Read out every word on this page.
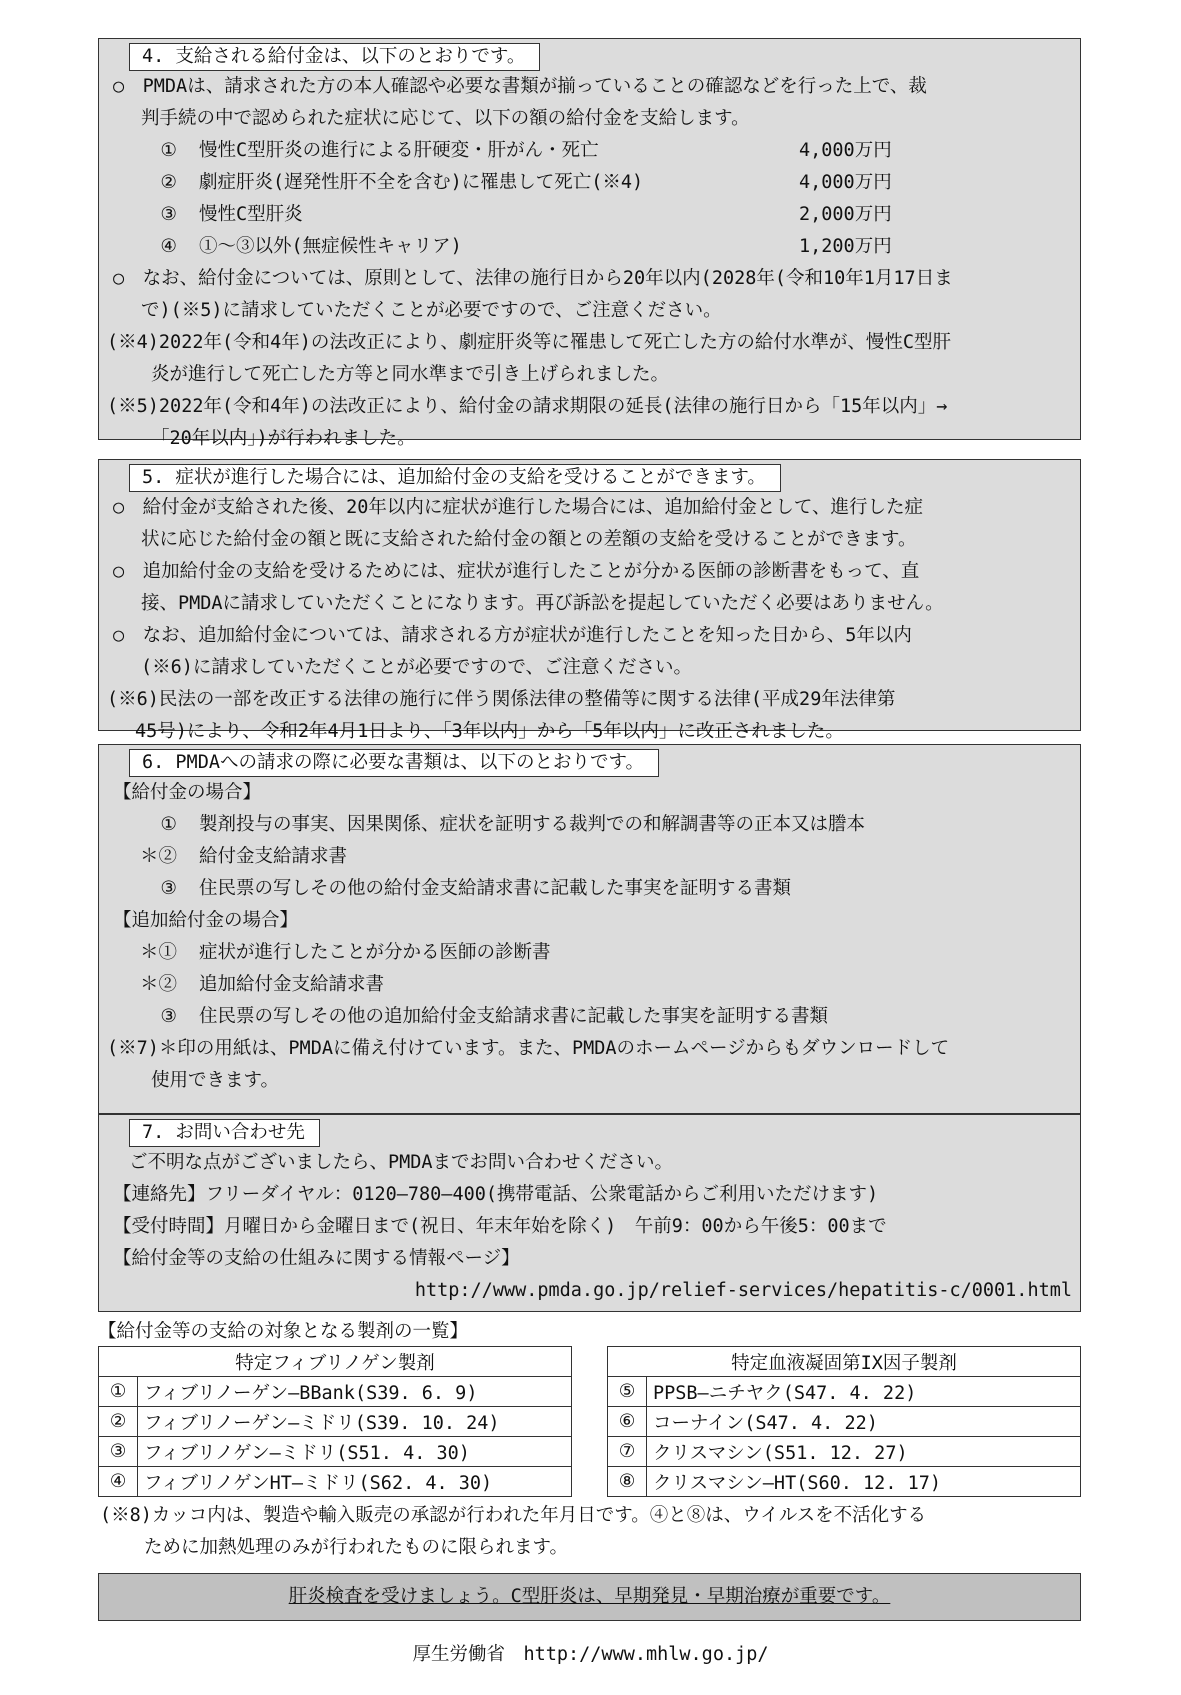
4. 支給される給付金は、以下のとおりです。
○　PMDAは、請求された方の本人確認や必要な書類が揃っていることの確認などを行った上で、裁
判手続の中で認められた症状に応じて、以下の額の給付金を支給します。
① 慢性C型肝炎の進行による肝硬変・肝がん・死亡	4,000万円
② 劇症肝炎(遅発性肝不全を含む)に罹患して死亡(※4)	4,000万円
③ 慢性C型肝炎	2,000万円
④ ①～③以外(無症候性キャリア)	1,200万円
○　なお、給付金については、原則として、法律の施行日から20年以内(2028年(令和10年1月17日ま
で)(※5)に請求していただくことが必要ですので、ご注意ください。
(※4)2022年(令和4年)の法改正により、劇症肝炎等に罹患して死亡した方の給付水準が、慢性C型肝
炎が進行して死亡した方等と同水準まで引き上げられました。
(※5)2022年(令和4年)の法改正により、給付金の請求期限の延長(法律の施行日から「15年以内」→
「20年以内」)が行われました。
5. 症状が進行した場合には、追加給付金の支給を受けることができます。
○　給付金が支給された後、20年以内に症状が進行した場合には、追加給付金として、進行した症
状に応じた給付金の額と既に支給された給付金の額との差額の支給を受けることができます。
○　追加給付金の支給を受けるためには、症状が進行したことが分かる医師の診断書をもって、直
接、PMDAに請求していただくことになります。再び訴訟を提起していただく必要はありません。
○　なお、追加給付金については、請求される方が症状が進行したことを知った日から、5年以内
(※6)に請求していただくことが必要ですので、ご注意ください。
(※6)民法の一部を改正する法律の施行に伴う関係法律の整備等に関する法律(平成29年法律第
45号)により、令和2年4月1日より、「3年以内」から「5年以内」に改正されました。
6. PMDAへの請求の際に必要な書類は、以下のとおりです。
【給付金の場合】
① 製剤投与の事実、因果関係、症状を証明する裁判での和解調書等の正本又は謄本
＊② 給付金支給請求書
③ 住民票の写しその他の給付金支給請求書に記載した事実を証明する書類
【追加給付金の場合】
＊① 症状が進行したことが分かる医師の診断書
＊② 追加給付金支給請求書
③ 住民票の写しその他の追加給付金支給請求書に記載した事実を証明する書類
(※7)＊印の用紙は、PMDAに備え付けています。また、PMDAのホームページからもダウンロードして
使用できます。
7. お問い合わせ先
ご不明な点がございましたら、PMDAまでお問い合わせください。
【連絡先】フリーダイヤル：0120―780―400(携帯電話、公衆電話からご利用いただけます)
【受付時間】月曜日から金曜日まで(祝日、年末年始を除く)　午前9：00から午後5：00まで
【給付金等の支給の仕組みに関する情報ページ】
http://www.pmda.go.jp/relief-services/hepatitis-c/0001.html
【給付金等の支給の対象となる製剤の一覧】
特定フィブリノゲン製剤	
①	フィブリノーゲン―BBank(S39. 6. 9)
②	フィブリノーゲン―ミドリ(S39. 10. 24)
③	フィブリノゲン―ミドリ(S51. 4. 30)
④	フィブリノゲンHT―ミドリ(S62. 4. 30)
特定血液凝固第IX因子製剤	
⑤	PPSB―ニチヤク(S47. 4. 22)
⑥	コーナイン(S47. 4. 22)
⑦	クリスマシン(S51. 12. 27)
⑧	クリスマシン―HT(S60. 12. 17)
(※8)カッコ内は、製造や輸入販売の承認が行われた年月日です。④と⑧は、ウイルスを不活化する
ために加熱処理のみが行われたものに限られます。
肝炎検査を受けましょう。C型肝炎は、早期発見・早期治療が重要です。
厚生労働省　http://www.mhlw.go.jp/
